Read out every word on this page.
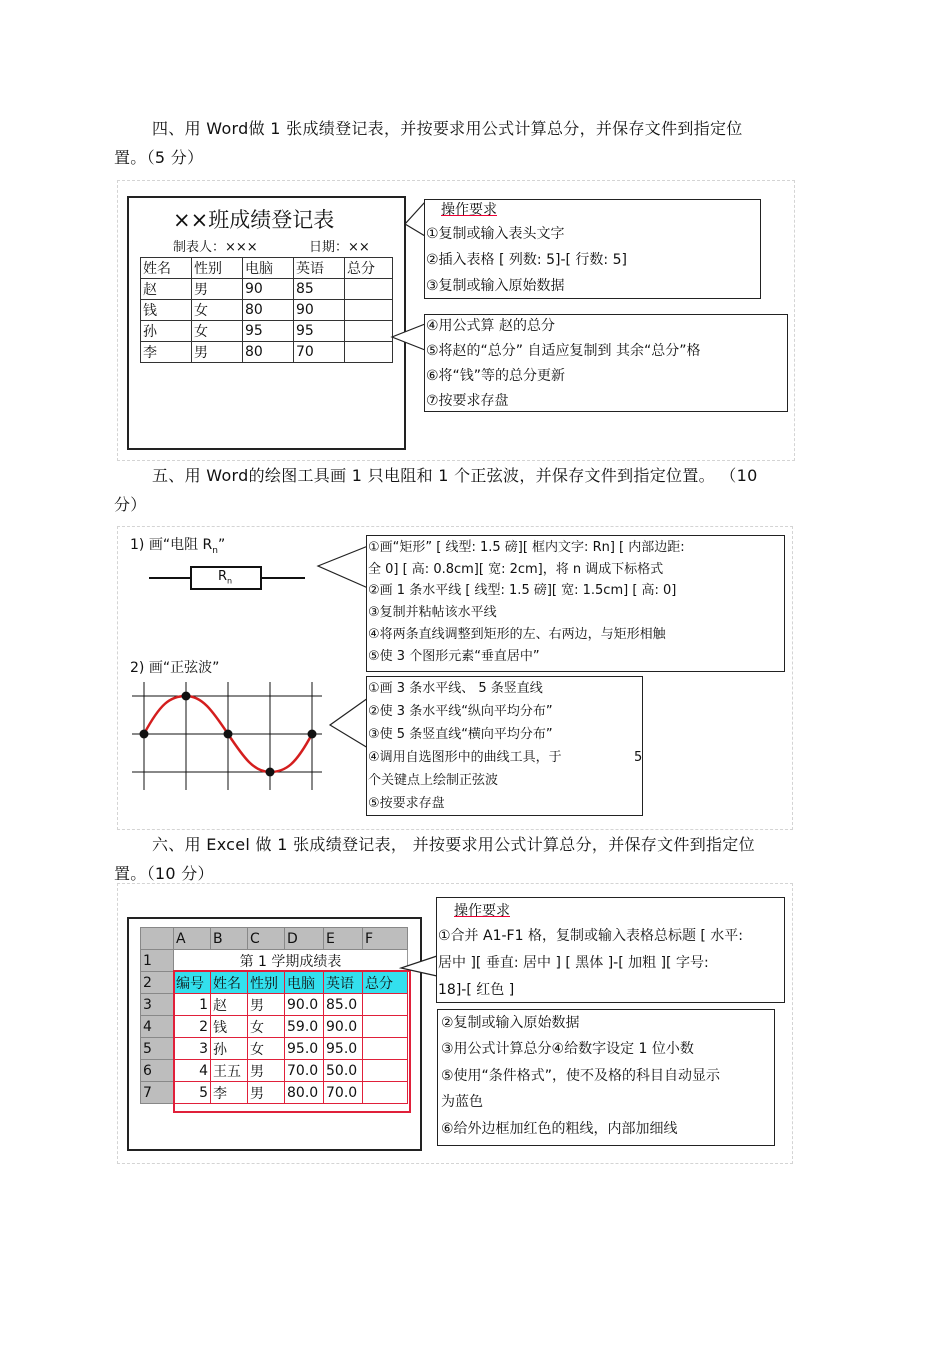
四、用 Word做 1 张成绩登记表，并按要求用公式计算总分，并保存文件到指定位
置。（5 分）
××班成绩登记表
制表人：×××	日期：××
姓名	性别	电脑	英语	总分
赵	男	90	85	
钱	女	80	90	
孙	女	95	95	
李	男	80	70	
操作要求
①复制或输入表头文字
②插入表格 [ 列数: 5]-[ 行数: 5]
③复制或输入原始数据
④用公式算 赵的总分
⑤将赵的“总分” 自适应复制到 其余“总分”格
⑥将“钱”等的总分更新
⑦按要求存盘
五、用 Word的绘图工具画 1 只电阻和 1 个正弦波，并保存文件到指定位置。 （10
分）
1) 画“电阻 $R_n$”
$R_n$
2) 画“正弦波”
①画“矩形” [ 线型: 1.5 磅][ 框内文字: Rn] [ 内部边距:
全 0] [ 高: 0.8cm][ 宽: 2cm]，将 n 调成下标格式
②画 1 条水平线 [ 线型: 1.5 磅][ 宽: 1.5cm] [ 高: 0]
③复制并粘帖该水平线
④将两条直线调整到矩形的左、右两边，与矩形相触
⑤使 3 个图形元素“垂直居中”
①画 3 条水平线、 5 条竖直线
②使 3 条水平线“纵向平均分布”
③使 5 条竖直线“横向平均分布”
④调用自选图形中的曲线工具，于	5
个关键点上绘制正弦波
⑤按要求存盘
六、用 Excel 做 1 张成绩登记表， 并按要求用公式计算总分，并保存文件到指定位
置。（10 分）
	A	B	C	D	E	F
1	第 1 学期成绩表					
2	编号	姓名	性别	电脑	英语	总分
3	1	赵	男	90.0	85.0	
4	2	钱	女	59.0	90.0	
5	3	孙	女	95.0	95.0	
6	4	王五	男	70.0	50.0	
7	5	李	男	80.0	70.0	
操作要求
①合并 A1-F1 格，复制或输入表格总标题 [ 水平:
居中 ][ 垂直: 居中 ] [ 黑体 ]-[ 加粗 ][ 字号:
18]-[ 红色 ]
②复制或输入原始数据
③用公式计算总分④给数字设定 1 位小数
⑤使用“条件格式”，使不及格的科目自动显示
为蓝色
⑥给外边框加红色的粗线，内部加细线
